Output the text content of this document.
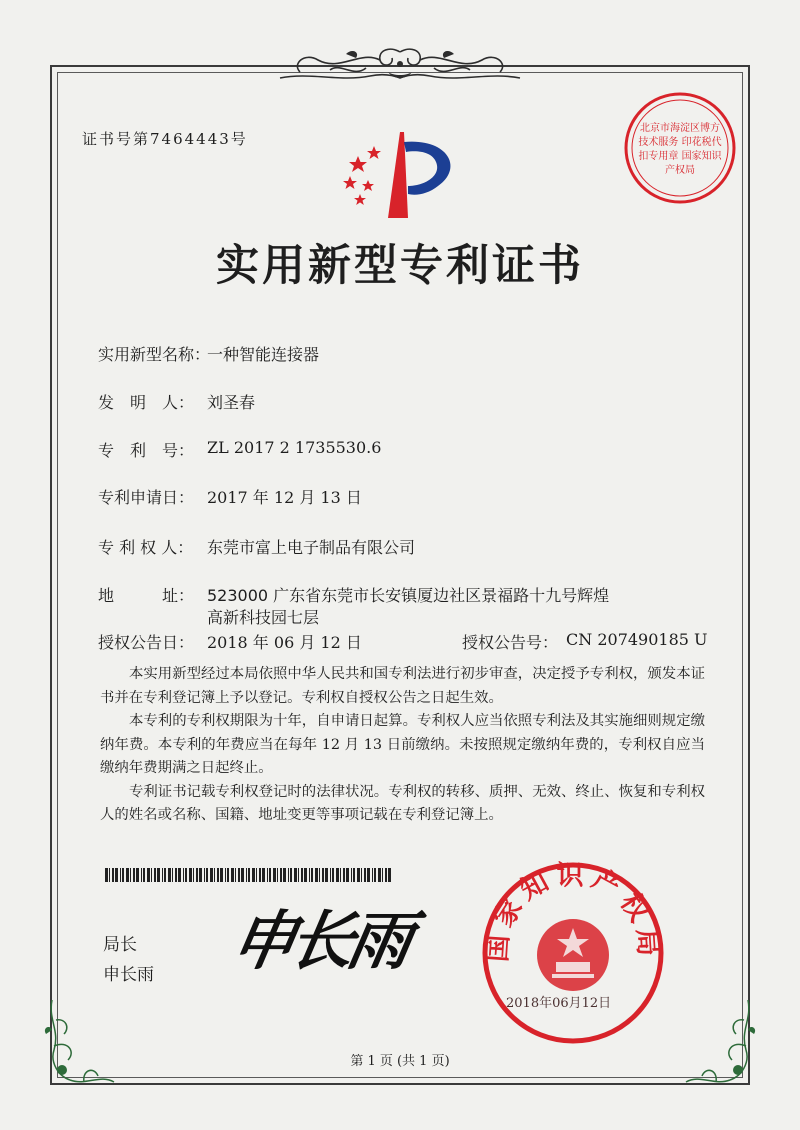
证书号第7464443号
北京市海淀区博方技术服务 印花税代扣专用章 国家知识产权局
实用新型专利证书
实用新型名称：
一种智能连接器
发　明　人： 刘圣春
专　利　号： ZL 2017 2 1735530.6
专利申请日： 2017 年 12 月 13 日
专 利 权 人： 东莞市富上电子制品有限公司
地　　　址： 523000 广东省东莞市长安镇厦边社区景福路十九号辉煌
高新科技园七层
授权公告日： 2018 年 06 月 12 日	授权公告号： CN 207490185 U

本实用新型经过本局依照中华人民共和国专利法进行初步审查，决定授予专利权，颁发本证书并在专利登记簿上予以登记。专利权自授权公告之日起生效。

本专利的专利权期限为十年，自申请日起算。专利权人应当依照专利法及其实施细则规定缴纳年费。本专利的年费应当在每年 12 月 13 日前缴纳。未按照规定缴纳年费的，专利权自应当缴纳年费期满之日起终止。

专利证书记载专利权登记时的法律状况。专利权的转移、质押、无效、终止、恢复和专利权人的姓名或名称、国籍、地址变更等事项记载在专利登记簿上。

局长
申长雨 申长雨	国家知识产权局
2018年06月12日
第 1 页 (共 1 页)
